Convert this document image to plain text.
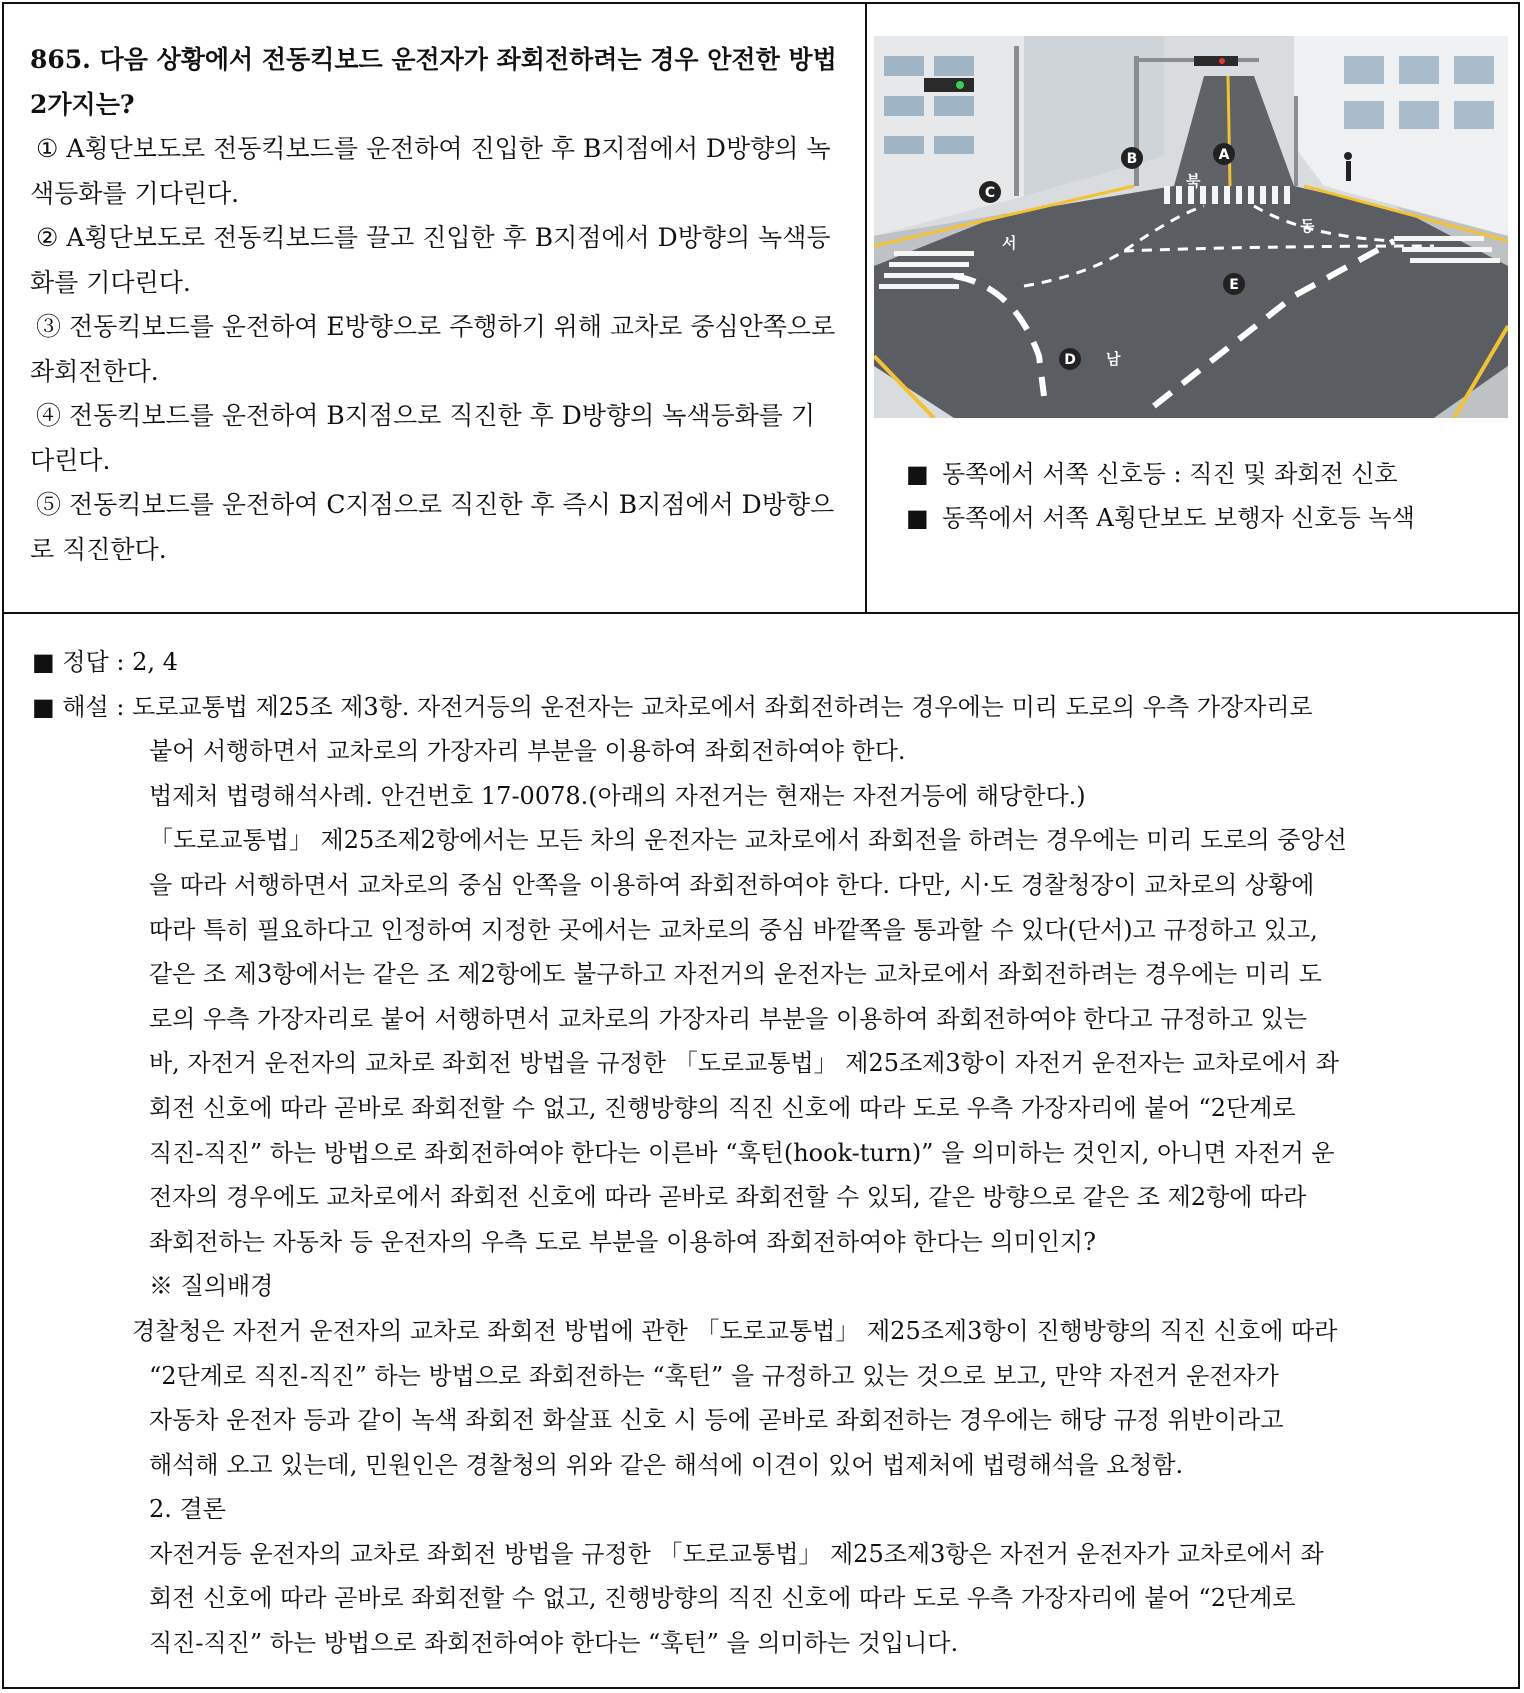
865. 다음 상황에서 전동킥보드 운전자가 좌회전하려는 경우 안전한 방법2가지는?
① A횡단보도로 전동킥보드를 운전하여 진입한 후 B지점에서 D방향의 녹색등화를 기다린다.
② A횡단보도로 전동킥보드를 끌고 진입한 후 B지점에서 D방향의 녹색등화를 기다린다.
③ 전동킥보드를 운전하여 E방향으로 주행하기 위해 교차로 중심안쪽으로 좌회전한다.
④ 전동킥보드를 운전하여 B지점으로 직진한 후 D방향의 녹색등화를 기다린다.
⑤ 전동킥보드를 운전하여 C지점으로 직진한 후 즉시 B지점에서 D방향으로 직진한다.
A
B
C
D
E
북
동
서
남
■ 동쪽에서 서쪽 신호등 : 직진 및 좌회전 신호
■ 동쪽에서 서쪽 A횡단보도 보행자 신호등 녹색
■ 정답 : 2, 4
■ 해설 : 도로교통법 제25조 제3항. 자전거등의 운전자는 교차로에서 좌회전하려는 경우에는 미리 도로의 우측 가장자리로
붙어 서행하면서 교차로의 가장자리 부분을 이용하여 좌회전하여야 한다.
법제처 법령해석사례. 안건번호 17-0078.(아래의 자전거는 현재는 자전거등에 해당한다.)
「도로교통법」 제25조제2항에서는 모든 차의 운전자는 교차로에서 좌회전을 하려는 경우에는 미리 도로의 중앙선
을 따라 서행하면서 교차로의 중심 안쪽을 이용하여 좌회전하여야 한다. 다만, 시·도 경찰청장이 교차로의 상황에
따라 특히 필요하다고 인정하여 지정한 곳에서는 교차로의 중심 바깥쪽을 통과할 수 있다(단서)고 규정하고 있고,
같은 조 제3항에서는 같은 조 제2항에도 불구하고 자전거의 운전자는 교차로에서 좌회전하려는 경우에는 미리 도
로의 우측 가장자리로 붙어 서행하면서 교차로의 가장자리 부분을 이용하여 좌회전하여야 한다고 규정하고 있는
바, 자전거 운전자의 교차로 좌회전 방법을 규정한 「도로교통법」 제25조제3항이 자전거 운전자는 교차로에서 좌
회전 신호에 따라 곧바로 좌회전할 수 없고, 진행방향의 직진 신호에 따라 도로 우측 가장자리에 붙어 “2단계로
직진-직진” 하는 방법으로 좌회전하여야 한다는 이른바 “훅턴(hook-turn)” 을 의미하는 것인지, 아니면 자전거 운
전자의 경우에도 교차로에서 좌회전 신호에 따라 곧바로 좌회전할 수 있되, 같은 방향으로 같은 조 제2항에 따라
좌회전하는 자동차 등 운전자의 우측 도로 부분을 이용하여 좌회전하여야 한다는 의미인지?
※ 질의배경
경찰청은 자전거 운전자의 교차로 좌회전 방법에 관한 「도로교통법」 제25조제3항이 진행방향의 직진 신호에 따라
“2단계로 직진-직진” 하는 방법으로 좌회전하는 “훅턴” 을 규정하고 있는 것으로 보고, 만약 자전거 운전자가
자동차 운전자 등과 같이 녹색 좌회전 화살표 신호 시 등에 곧바로 좌회전하는 경우에는 해당 규정 위반이라고
해석해 오고 있는데, 민원인은 경찰청의 위와 같은 해석에 이견이 있어 법제처에 법령해석을 요청함.
2. 결론
자전거등 운전자의 교차로 좌회전 방법을 규정한 「도로교통법」 제25조제3항은 자전거 운전자가 교차로에서 좌
회전 신호에 따라 곧바로 좌회전할 수 없고, 진행방향의 직진 신호에 따라 도로 우측 가장자리에 붙어 “2단계로
직진-직진” 하는 방법으로 좌회전하여야 한다는 “훅턴” 을 의미하는 것입니다.
